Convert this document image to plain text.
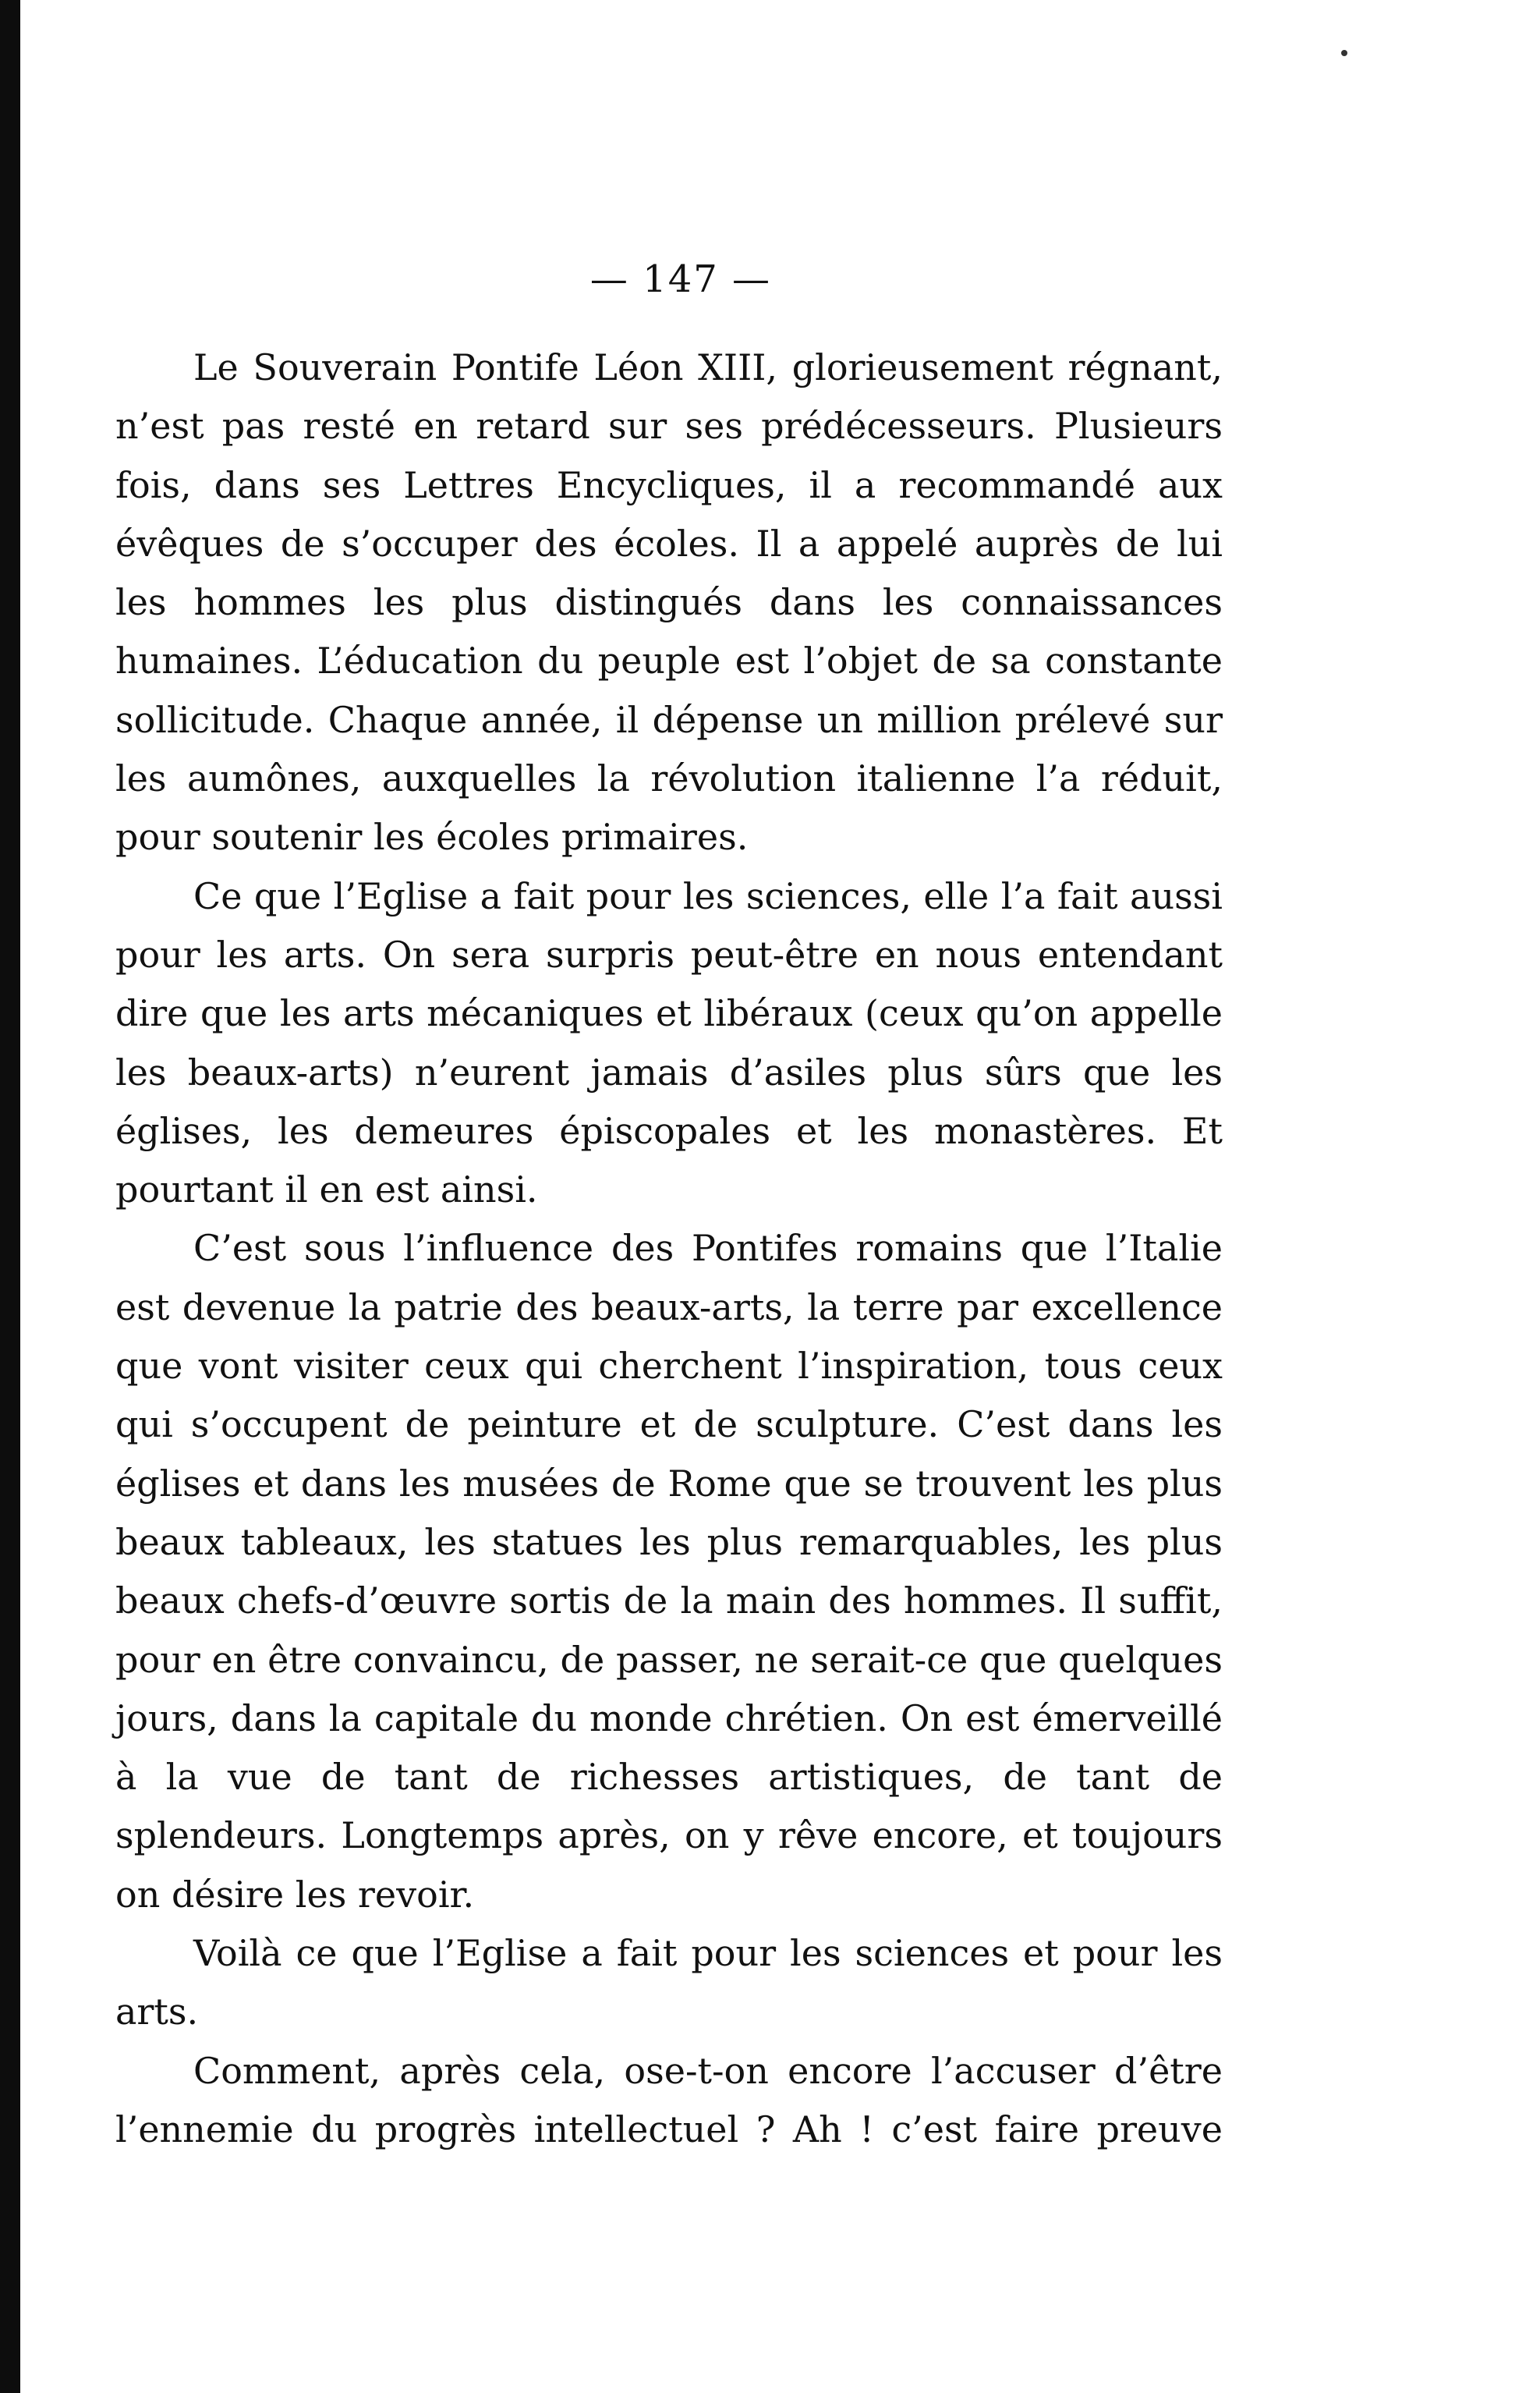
— 147 —

Le Souverain Pontife Léon XIII, glorieusement régnant, n’est pas resté en retard sur ses prédécesseurs. Plusieurs fois, dans ses Lettres Encycliques, il a recommandé aux évêques de s’occuper des écoles. Il a appelé auprès de lui les hommes les plus distingués dans les connaissances humaines. L’éducation du peuple est l’objet de sa constante sollicitude. Chaque année, il dépense un million prélevé sur les aumônes, auxquelles la révolution italienne l’a réduit, pour soutenir les écoles primaires.

Ce que l’Eglise a fait pour les sciences, elle l’a fait aussi pour les arts. On sera surpris peut-être en nous entendant dire que les arts mécaniques et libéraux (ceux qu’on appelle les beaux-arts) n’eurent jamais d’asiles plus sûrs que les églises, les demeures épiscopales et les monastères. Et pourtant il en est ainsi.

C’est sous l’influence des Pontifes romains que l’Italie est devenue la patrie des beaux-arts, la terre par excellence que vont visiter ceux qui cherchent l’inspiration, tous ceux qui s’occupent de peinture et de sculpture. C’est dans les églises et dans les musées de Rome que se trouvent les plus beaux tableaux, les statues les plus remarquables, les plus beaux chefs-d’œuvre sortis de la main des hommes. Il suffit, pour en être convaincu, de passer, ne serait-ce que quelques jours, dans la capitale du monde chrétien. On est émerveillé à la vue de tant de richesses artistiques, de tant de splendeurs. Longtemps après, on y rêve encore, et toujours on désire les revoir.

Voilà ce que l’Eglise a fait pour les sciences et pour les arts.

Comment, après cela, ose-t-on encore l’accuser d’être l’ennemie du progrès intellectuel ? Ah ! c’est faire preuve
